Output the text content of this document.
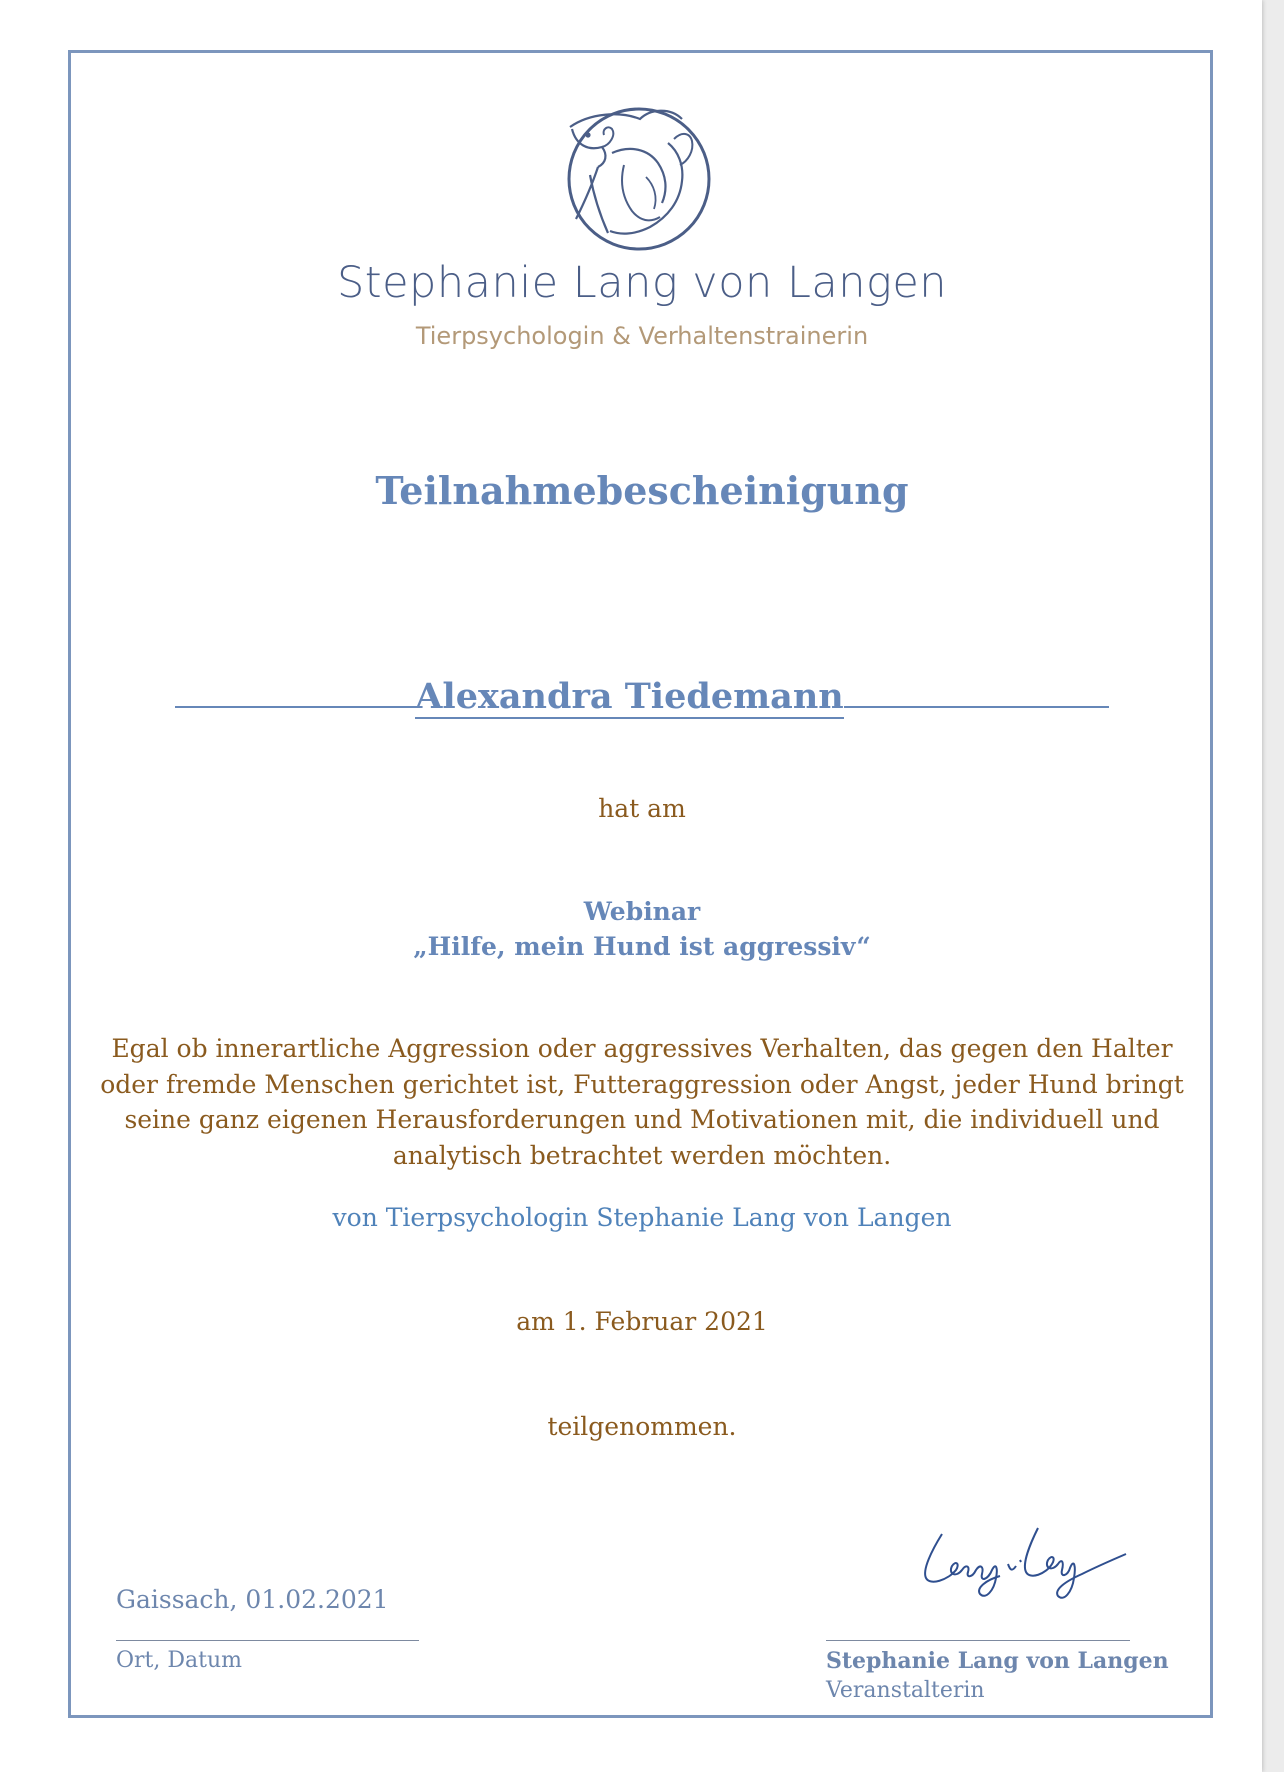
Stephanie Lang von Langen
Tierpsychologin & Verhaltenstrainerin
Teilnahmebescheinigung
Alexandra Tiedemann
hat am
Webinar
„Hilfe, mein Hund ist aggressiv“
Egal ob innerartliche Aggression oder aggressives Verhalten, das gegen den Halter oder fremde Menschen gerichtet ist, Futteraggression oder Angst, jeder Hund bringt seine ganz eigenen Herausforderungen und Motivationen mit, die individuell und analytisch betrachtet werden möchten.
von Tierpsychologin Stephanie Lang von Langen
am 1. Februar 2021
teilgenommen.
Gaissach, 01.02.2021
Ort, Datum	Stephanie Lang von Langen
Veranstalterin
